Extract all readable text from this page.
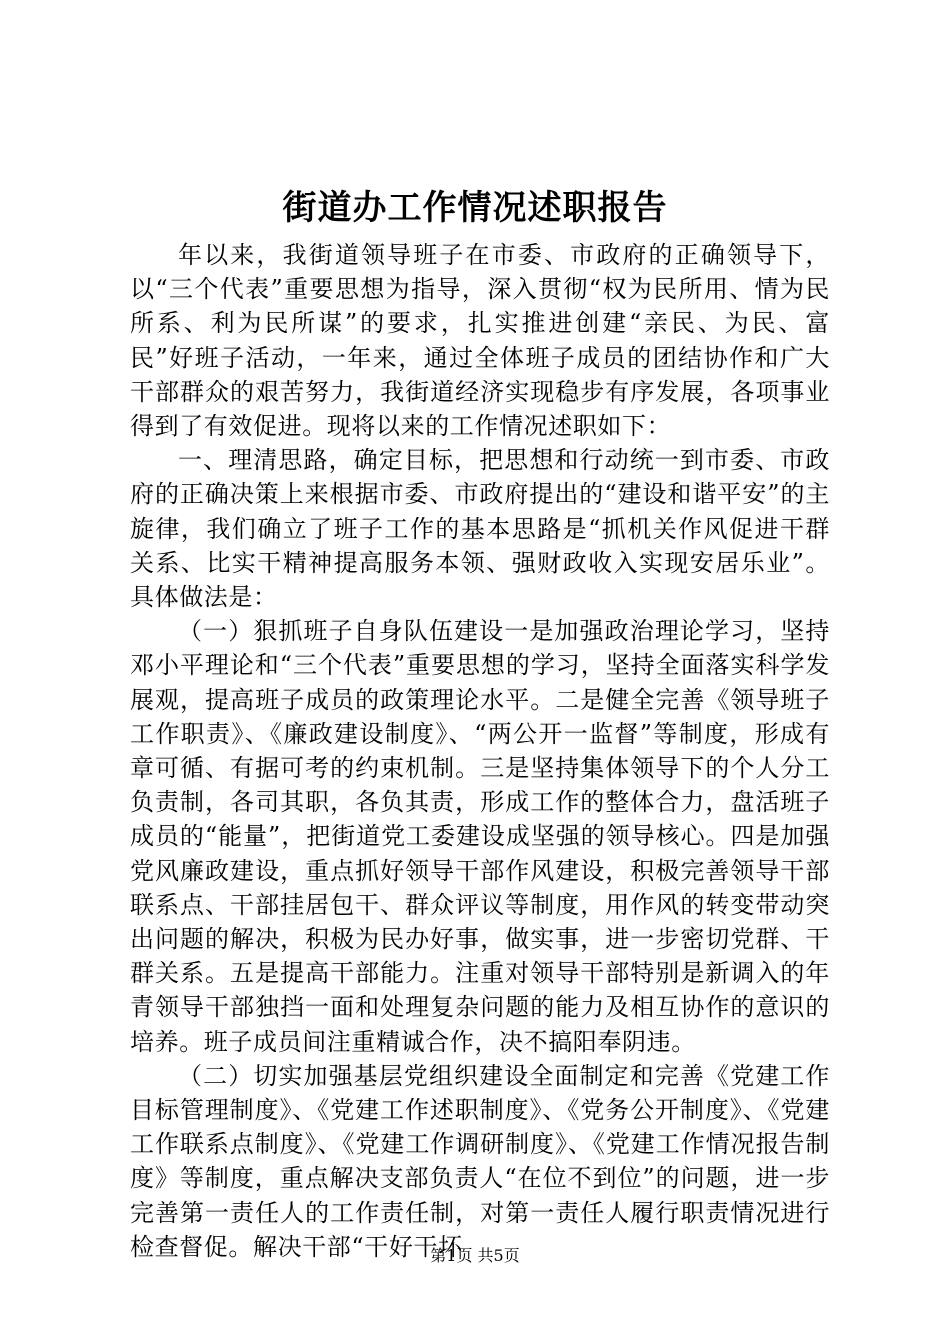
街道办工作情况述职报告

年以来，我街道领导班子在市委、市政府的正确领导下，以“三个代表”重要思想为指导，深入贯彻“权为民所用、情为民所系、利为民所谋”的要求，扎实推进创建“亲民、为民、富民”好班子活动，一年来，通过全体班子成员的团结协作和广大干部群众的艰苦努力，我街道经济实现稳步有序发展，各项事业得到了有效促进。现将以来的工作情况述职如下：

一、理清思路，确定目标，把思想和行动统一到市委、市政府的正确决策上来根据市委、市政府提出的“建设和谐平安”的主旋律，我们确立了班子工作的基本思路是“抓机关作风促进干群关系、比实干精神提高服务本领、强财政收入实现安居乐业”。具体做法是：

（一）狠抓班子自身队伍建设一是加强政治理论学习，坚持邓小平理论和“三个代表”重要思想的学习，坚持全面落实科学发展观，提高班子成员的政策理论水平。二是健全完善《领导班子工作职责》、《廉政建设制度》、“两公开一监督”等制度，形成有章可循、有据可考的约束机制。三是坚持集体领导下的个人分工负责制，各司其职，各负其责，形成工作的整体合力，盘活班子成员的“能量”，把街道党工委建设成坚强的领导核心。四是加强党风廉政建设，重点抓好领导干部作风建设，积极完善领导干部联系点、干部挂居包干、群众评议等制度，用作风的转变带动突出问题的解决，积极为民办好事，做实事，进一步密切党群、干群关系。五是提高干部能力。注重对领导干部特别是新调入的年青领导干部独挡一面和处理复杂问题的能力及相互协作的意识的培养。班子成员间注重精诚合作，决不搞阳奉阴违。

（二）切实加强基层党组织建设全面制定和完善《党建工作目标管理制度》、《党建工作述职制度》、《党务公开制度》、《党建工作联系点制度》、《党建工作调研制度》、《党建工作情况报告制度》等制度，重点解决支部负责人“在位不到位”的问题，进一步完善第一责任人的工作责任制，对第一责任人履行职责情况进行检查督促。解决干部“干好干坏

第1页 共5页
